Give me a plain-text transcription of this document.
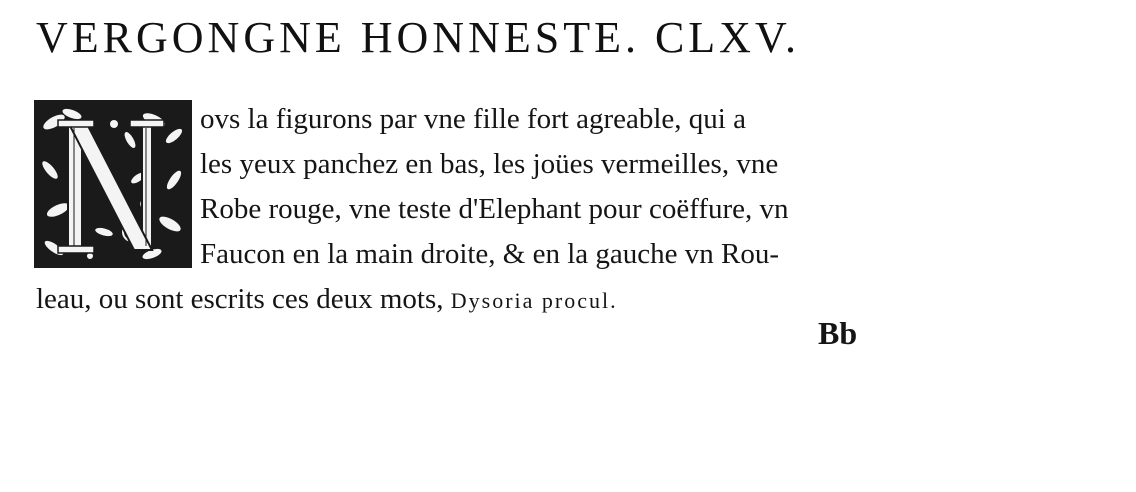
VERGONGNE HONNESTE. CLXV.
ovs la figurons par vne fille fort agreable, qui a
les yeux panchez en bas, les joües vermeilles, vne
Robe rouge, vne teste d'Elephant pour coëffure, vn
Faucon en la main droite, & en la gauche vn Rou-
leau, ou sont escrits ces deux mots, Dysoria procul.
Bb
